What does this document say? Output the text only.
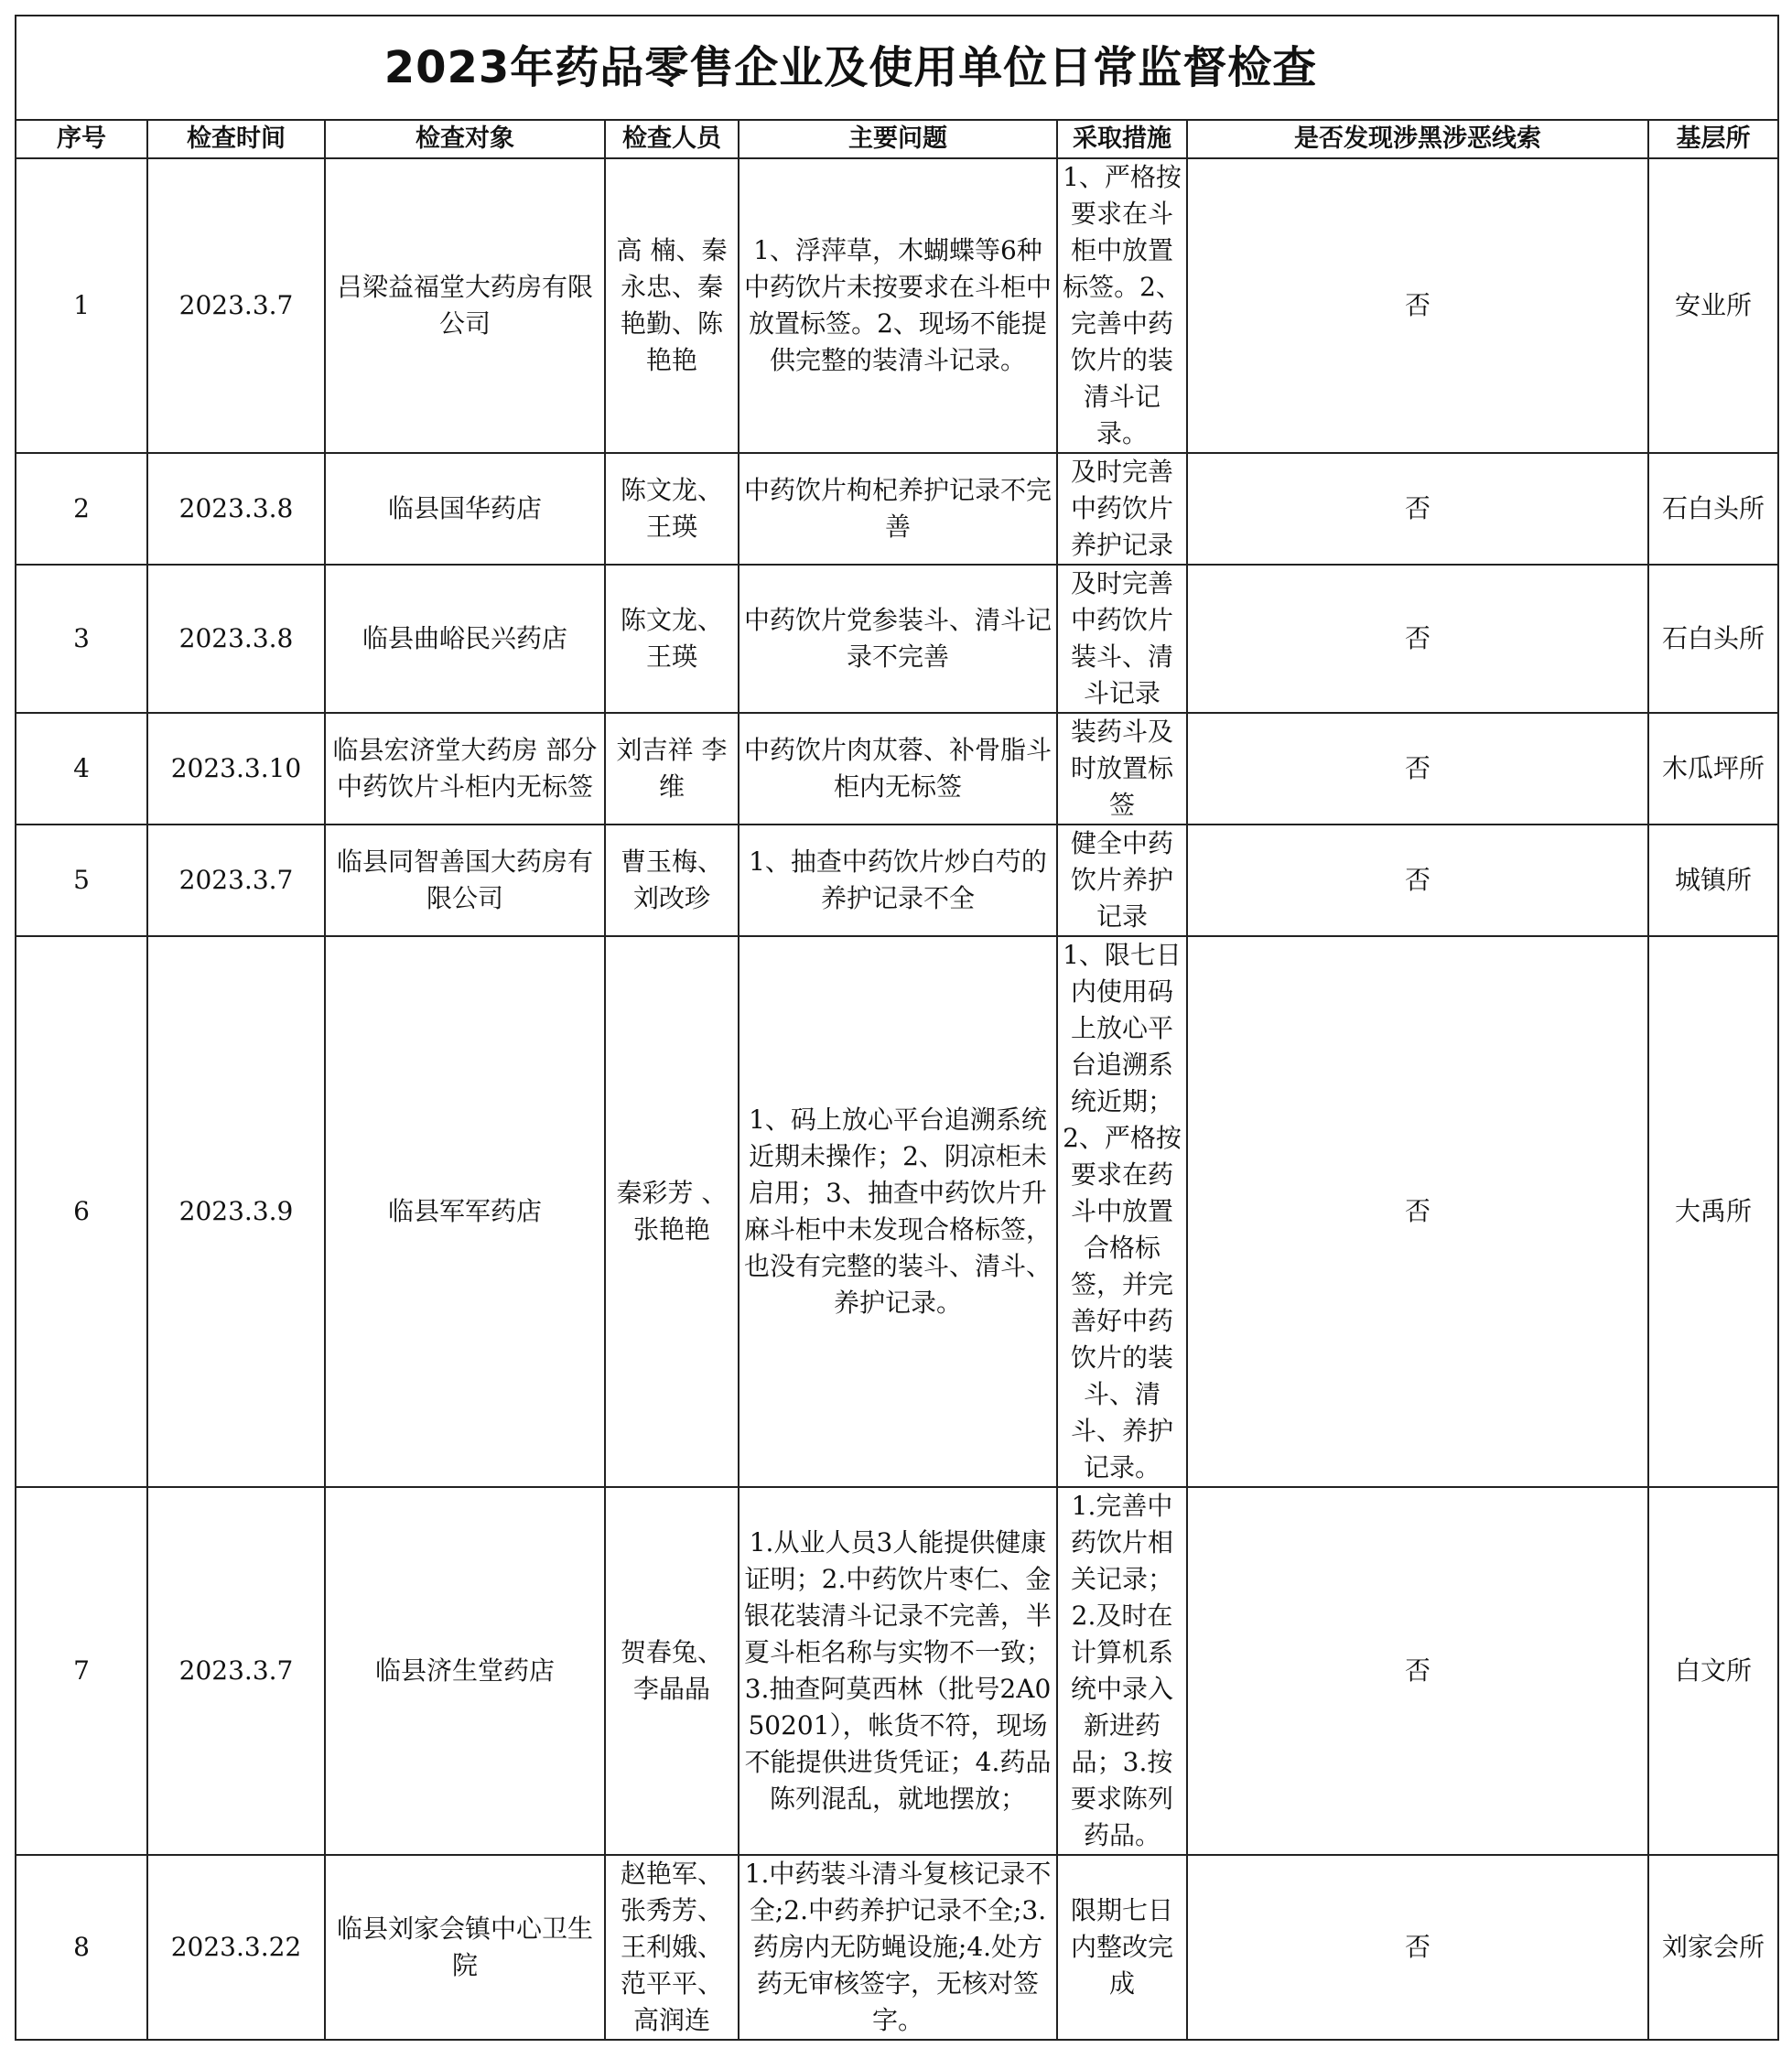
2023年药品零售企业及使用单位日常监督检查							

序号	检查时间	检查对象	检查人员	主要问题	采取措施	是否发现涉黑涉恶线索	基层所
1	2023.3.7	吕梁益福堂大药房有限公司	高 楠、秦永忠、秦艳勤、陈艳艳	1、浮萍草，木蝴蝶等6种中药饮片未按要求在斗柜中放置标签。2、现场不能提供完整的装清斗记录。	1、严格按要求在斗柜中放置标签。2、完善中药饮片的装清斗记录。	否	安业所
2	2023.3.8	临县国华药店	陈文龙、王瑛	中药饮片枸杞养护记录不完善	及时完善中药饮片养护记录	否	石白头所
3	2023.3.8	临县曲峪民兴药店	陈文龙、王瑛	中药饮片党参装斗、清斗记录不完善	及时完善中药饮片装斗、清斗记录	否	石白头所
4	2023.3.10	临县宏济堂大药房 部分中药饮片斗柜内无标签	刘吉祥 李维	中药饮片肉苁蓉、补骨脂斗柜内无标签	装药斗及时放置标签	否	木瓜坪所
5	2023.3.7	临县同智善国大药房有限公司	曹玉梅、刘改珍	1、抽查中药饮片炒白芍的养护记录不全	健全中药饮片养护记录	否	城镇所
6	2023.3.9	临县军军药店	秦彩芳 、张艳艳	1、码上放心平台追溯系统近期未操作；2、阴凉柜未启用；3、抽查中药饮片升麻斗柜中未发现合格标签，也没有完整的装斗、清斗、养护记录。	1、限七日内使用码上放心平台追溯系统近期；2、严格按要求在药斗中放置合格标签，并完善好中药饮片的装斗、清斗、养护记录。	否	大禹所
7	2023.3.7	临县济生堂药店	贺春兔、李晶晶	1.从业人员3人能提供健康证明；2.中药饮片枣仁、金银花装清斗记录不完善，半夏斗柜名称与实物不一致；3.抽查阿莫西林（批号2A050201），帐货不符，现场不能提供进货凭证；4.药品陈列混乱，就地摆放；	1.完善中药饮片相关记录；2.及时在计算机系统中录入新进药品；3.按要求陈列药品。	否	白文所
8	2023.3.22	临县刘家会镇中心卫生院	赵艳军、张秀芳、王利娥、范平平、高润连	1.中药装斗清斗复核记录不全;2.中药养护记录不全;3.药房内无防蝇设施;4.处方药无审核签字，无核对签字。	限期七日内整改完成	否	刘家会所
